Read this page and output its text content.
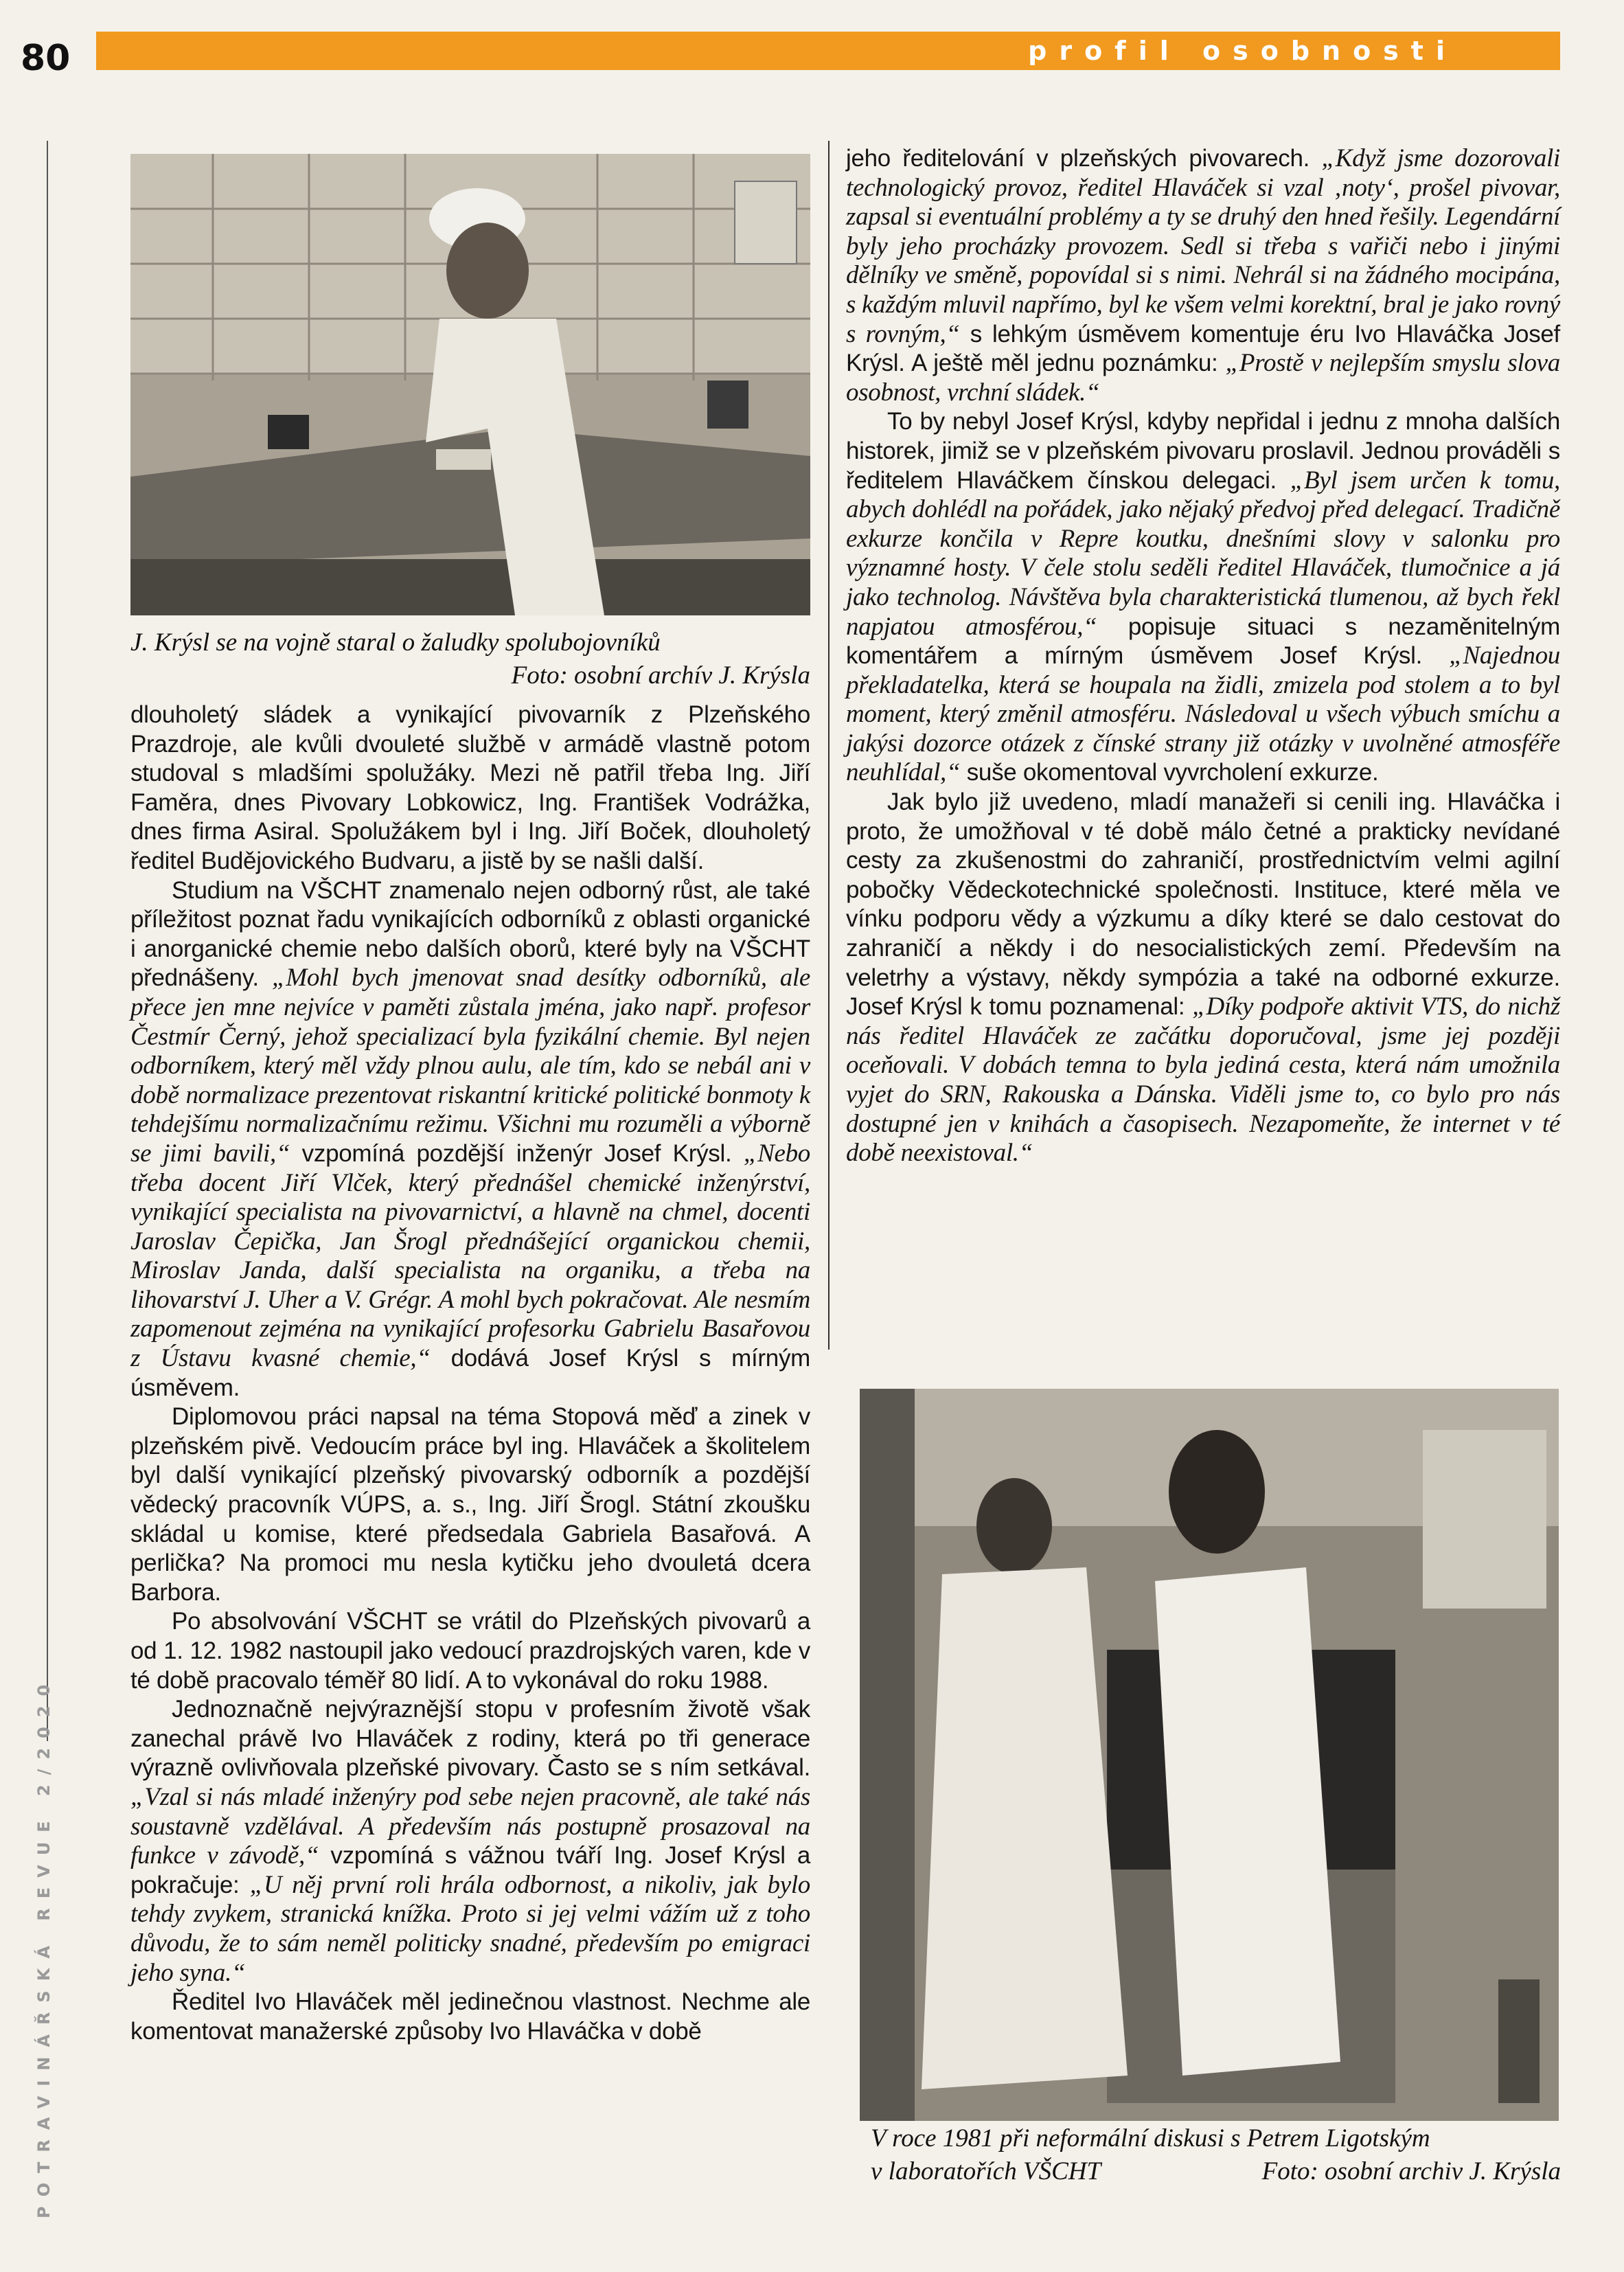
80	profil osobnosti
POTRAVINÁŘSKÁ REVUE 2/2020
J. Krýsl se na vojně staral o žaludky spolubojovníků
Foto: osobní archív J. Krýsla

dlouholetý sládek a vynikající pivovarník z Plzeňského Prazdroje, ale kvůli dvouleté službě v armádě vlastně potom studoval s mladšími spolužáky. Mezi ně patřil třeba Ing. Jiří Faměra, dnes Pivovary Lobkowicz, Ing. František Vodrážka, dnes firma Asiral. Spolužákem byl i Ing. Jiří Boček, dlouholetý ředitel Budějovického Budvaru, a jistě by se našli další.

Studium na VŠCHT znamenalo nejen odborný růst, ale také příležitost poznat řadu vynikajících odborníků z oblasti organické i anorganické chemie nebo dalších oborů, které byly na VŠCHT přednášeny. „Mohl bych jmenovat snad desítky odborníků, ale přece jen mne nejvíce v paměti zůstala jména, jako např. profesor Čestmír Černý, jehož specializací byla fyzikální chemie. Byl nejen odborníkem, který měl vždy plnou aulu, ale tím, kdo se nebál ani v době normalizace prezentovat riskantní kritické politické bonmoty k tehdejšímu normalizačnímu režimu. Všichni mu rozuměli a výborně se jimi bavili,“ vzpomíná pozdější inženýr Josef Krýsl. „Nebo třeba docent Jiří Vlček, který přednášel chemické inženýrství, vynikající specialista na pivovarnictví, a hlavně na chmel, docenti Jaroslav Čepička, Jan Šrogl přednášející organickou chemii, Miroslav Janda, další specialista na organiku, a třeba na lihovarství J. Uher a V. Grégr. A mohl bych pokračovat. Ale nesmím zapomenout zejména na vynikající profesorku Gabrielu Basařovou z Ústavu kvasné chemie,“ dodává Josef Krýsl s mírným úsměvem.

Diplomovou práci napsal na téma Stopová měď a zinek v plzeňském pivě. Vedoucím práce byl ing. Hlaváček a školitelem byl další vynikající plzeňský pivovarský odborník a pozdější vědecký pracovník VÚPS, a. s., Ing. Jiří Šrogl. Státní zkoušku skládal u komise, které předsedala Gabriela Basařová. A perlička? Na promoci mu nesla kytičku jeho dvouletá dcera Barbora.

Po absolvování VŠCHT se vrátil do Plzeňských pivovarů a od 1. 12. 1982 nastoupil jako vedoucí prazdrojských varen, kde v té době pracovalo téměř 80 lidí. A to vykonával do roku 1988.

Jednoznačně nejvýraznější stopu v profesním životě však zanechal právě Ivo Hlaváček z rodiny, která po tři generace výrazně ovlivňovala plzeňské pivovary. Často se s ním setkával. „Vzal si nás mladé inženýry pod sebe nejen pracovně, ale také nás soustavně vzdělával. A především nás postupně prosazoval na funkce v závodě,“ vzpomíná s vážnou tváří Ing. Josef Krýsl a pokračuje: „U něj první roli hrála odbornost, a nikoliv, jak bylo tehdy zvykem, stranická knížka. Proto si jej velmi vážím už z toho důvodu, že to sám neměl politicky snadné, především po emigraci jeho syna.“

Ředitel Ivo Hlaváček měl jedinečnou vlastnost. Nechme ale komentovat manažerské způsoby Ivo Hlaváčka v době

jeho ředitelování v plzeňských pivovarech. „Když jsme dozorovali technologický provoz, ředitel Hlaváček si vzal ‚noty‘, prošel pivovar, zapsal si eventuální problémy a ty se druhý den hned řešily. Legendární byly jeho procházky provozem. Sedl si třeba s vařiči nebo i jinými dělníky ve směně, popovídal si s nimi. Nehrál si na žádného mocipána, s každým mluvil napřímo, byl ke všem velmi korektní, bral je jako rovný s rovným,“ s lehkým úsměvem komentuje éru Ivo Hlaváčka Josef Krýsl. A ještě měl jednu poznámku: „Prostě v nejlepším smyslu slova osobnost, vrchní sládek.“

To by nebyl Josef Krýsl, kdyby nepřidal i jednu z mnoha dalších historek, jimiž se v plzeňském pivovaru proslavil. Jednou prováděli s ředitelem Hlaváčkem čínskou delegaci. „Byl jsem určen k tomu, abych dohlédl na pořádek, jako nějaký předvoj před delegací. Tradičně exkurze končila v Repre koutku, dnešními slovy v salonku pro významné hosty. V čele stolu seděli ředitel Hlaváček, tlumočnice a já jako technolog. Návštěva byla charakteristická tlumenou, až bych řekl napjatou atmosférou,“ popisuje situaci s nezaměnitelným komentářem a mírným úsměvem Josef Krýsl. „Najednou překladatelka, která se houpala na židli, zmizela pod stolem a to byl moment, který změnil atmosféru. Následoval u všech výbuch smíchu a jakýsi dozorce otázek z čínské strany již otázky v uvolněné atmosféře neuhlídal,“ suše okomentoval vyvrcholení exkurze.

Jak bylo již uvedeno, mladí manažeři si cenili ing. Hlaváčka i proto, že umožňoval v té době málo četné a prakticky nevídané cesty za zkušenostmi do zahraničí, prostřednictvím velmi agilní pobočky Vědeckotechnické společnosti. Instituce, které měla ve vínku podporu vědy a výzkumu a díky které se dalo cestovat do zahraničí a někdy i do nesocialistických zemí. Především na veletrhy a výstavy, někdy sympózia a také na odborné exkurze. Josef Krýsl k tomu poznamenal: „Díky podpoře aktivit VTS, do nichž nás ředitel Hlaváček ze začátku doporučoval, jsme jej později oceňovali. V dobách temna to byla jediná cesta, která nám umožnila vyjet do SRN, Rakouska a Dánska. Viděli jsme to, co bylo pro nás dostupné jen v knihách a časopisech. Nezapomeňte, že internet v té době neexistoval.“

V roce 1981 při neformální diskusi s Petrem Ligotským
v laboratořích VŠCHT	Foto: osobní archiv J. Krýsla
